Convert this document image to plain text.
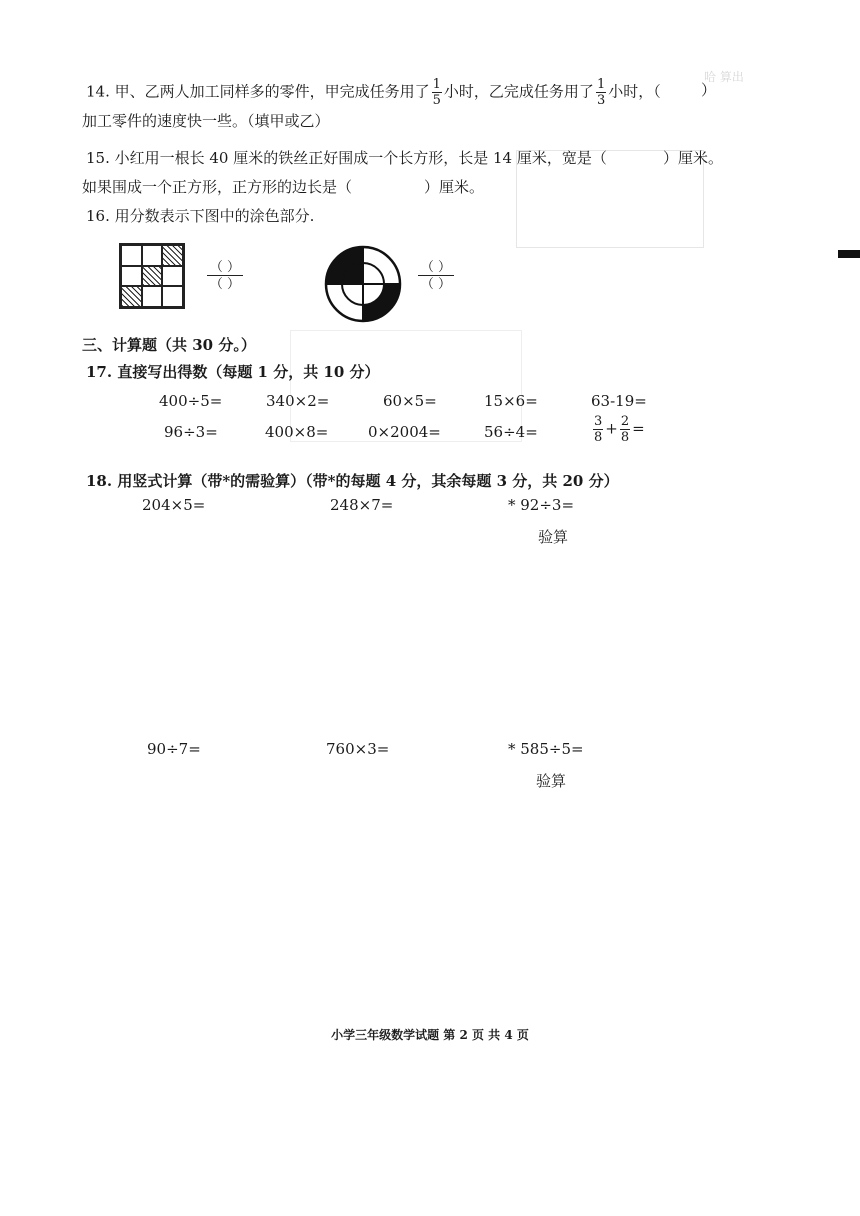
哈 算出
14. 甲、乙两人加工同样多的零件，甲完成任务用了 $\frac{1}{5}$ 小时，乙完成任务用了 $\frac{1}{3}$ 小时，（	）
加工零件的速度快一些。（填甲或乙）
15. 小红用一根长 40 厘米的铁丝正好围成一个长方形，长是 14 厘米，宽是（	）厘米。
如果围成一个正方形，正方形的边长是（	）厘米。
16. 用分数表示下图中的涂色部分.
（ ）
（ ）
（ ）
（ ）
三、计算题（共 30 分。）
17. 直接写出得数（每题 1 分，共 10 分）
400÷5=	340×2=	60×5=	15×6=	63-19=
96÷3=	400×8=	0×2004=	56÷4=	$\frac{3}{8} + \frac{2}{8}$ =
18. 用竖式计算（带*的需验算）（带*的每题 4 分，其余每题 3 分，共 20 分）
204×5=	248×7=	* 92÷3=
验算
90÷7=	760×3=	* 585÷5=
验算
小学三年级数学试题 第 2 页 共 4 页
